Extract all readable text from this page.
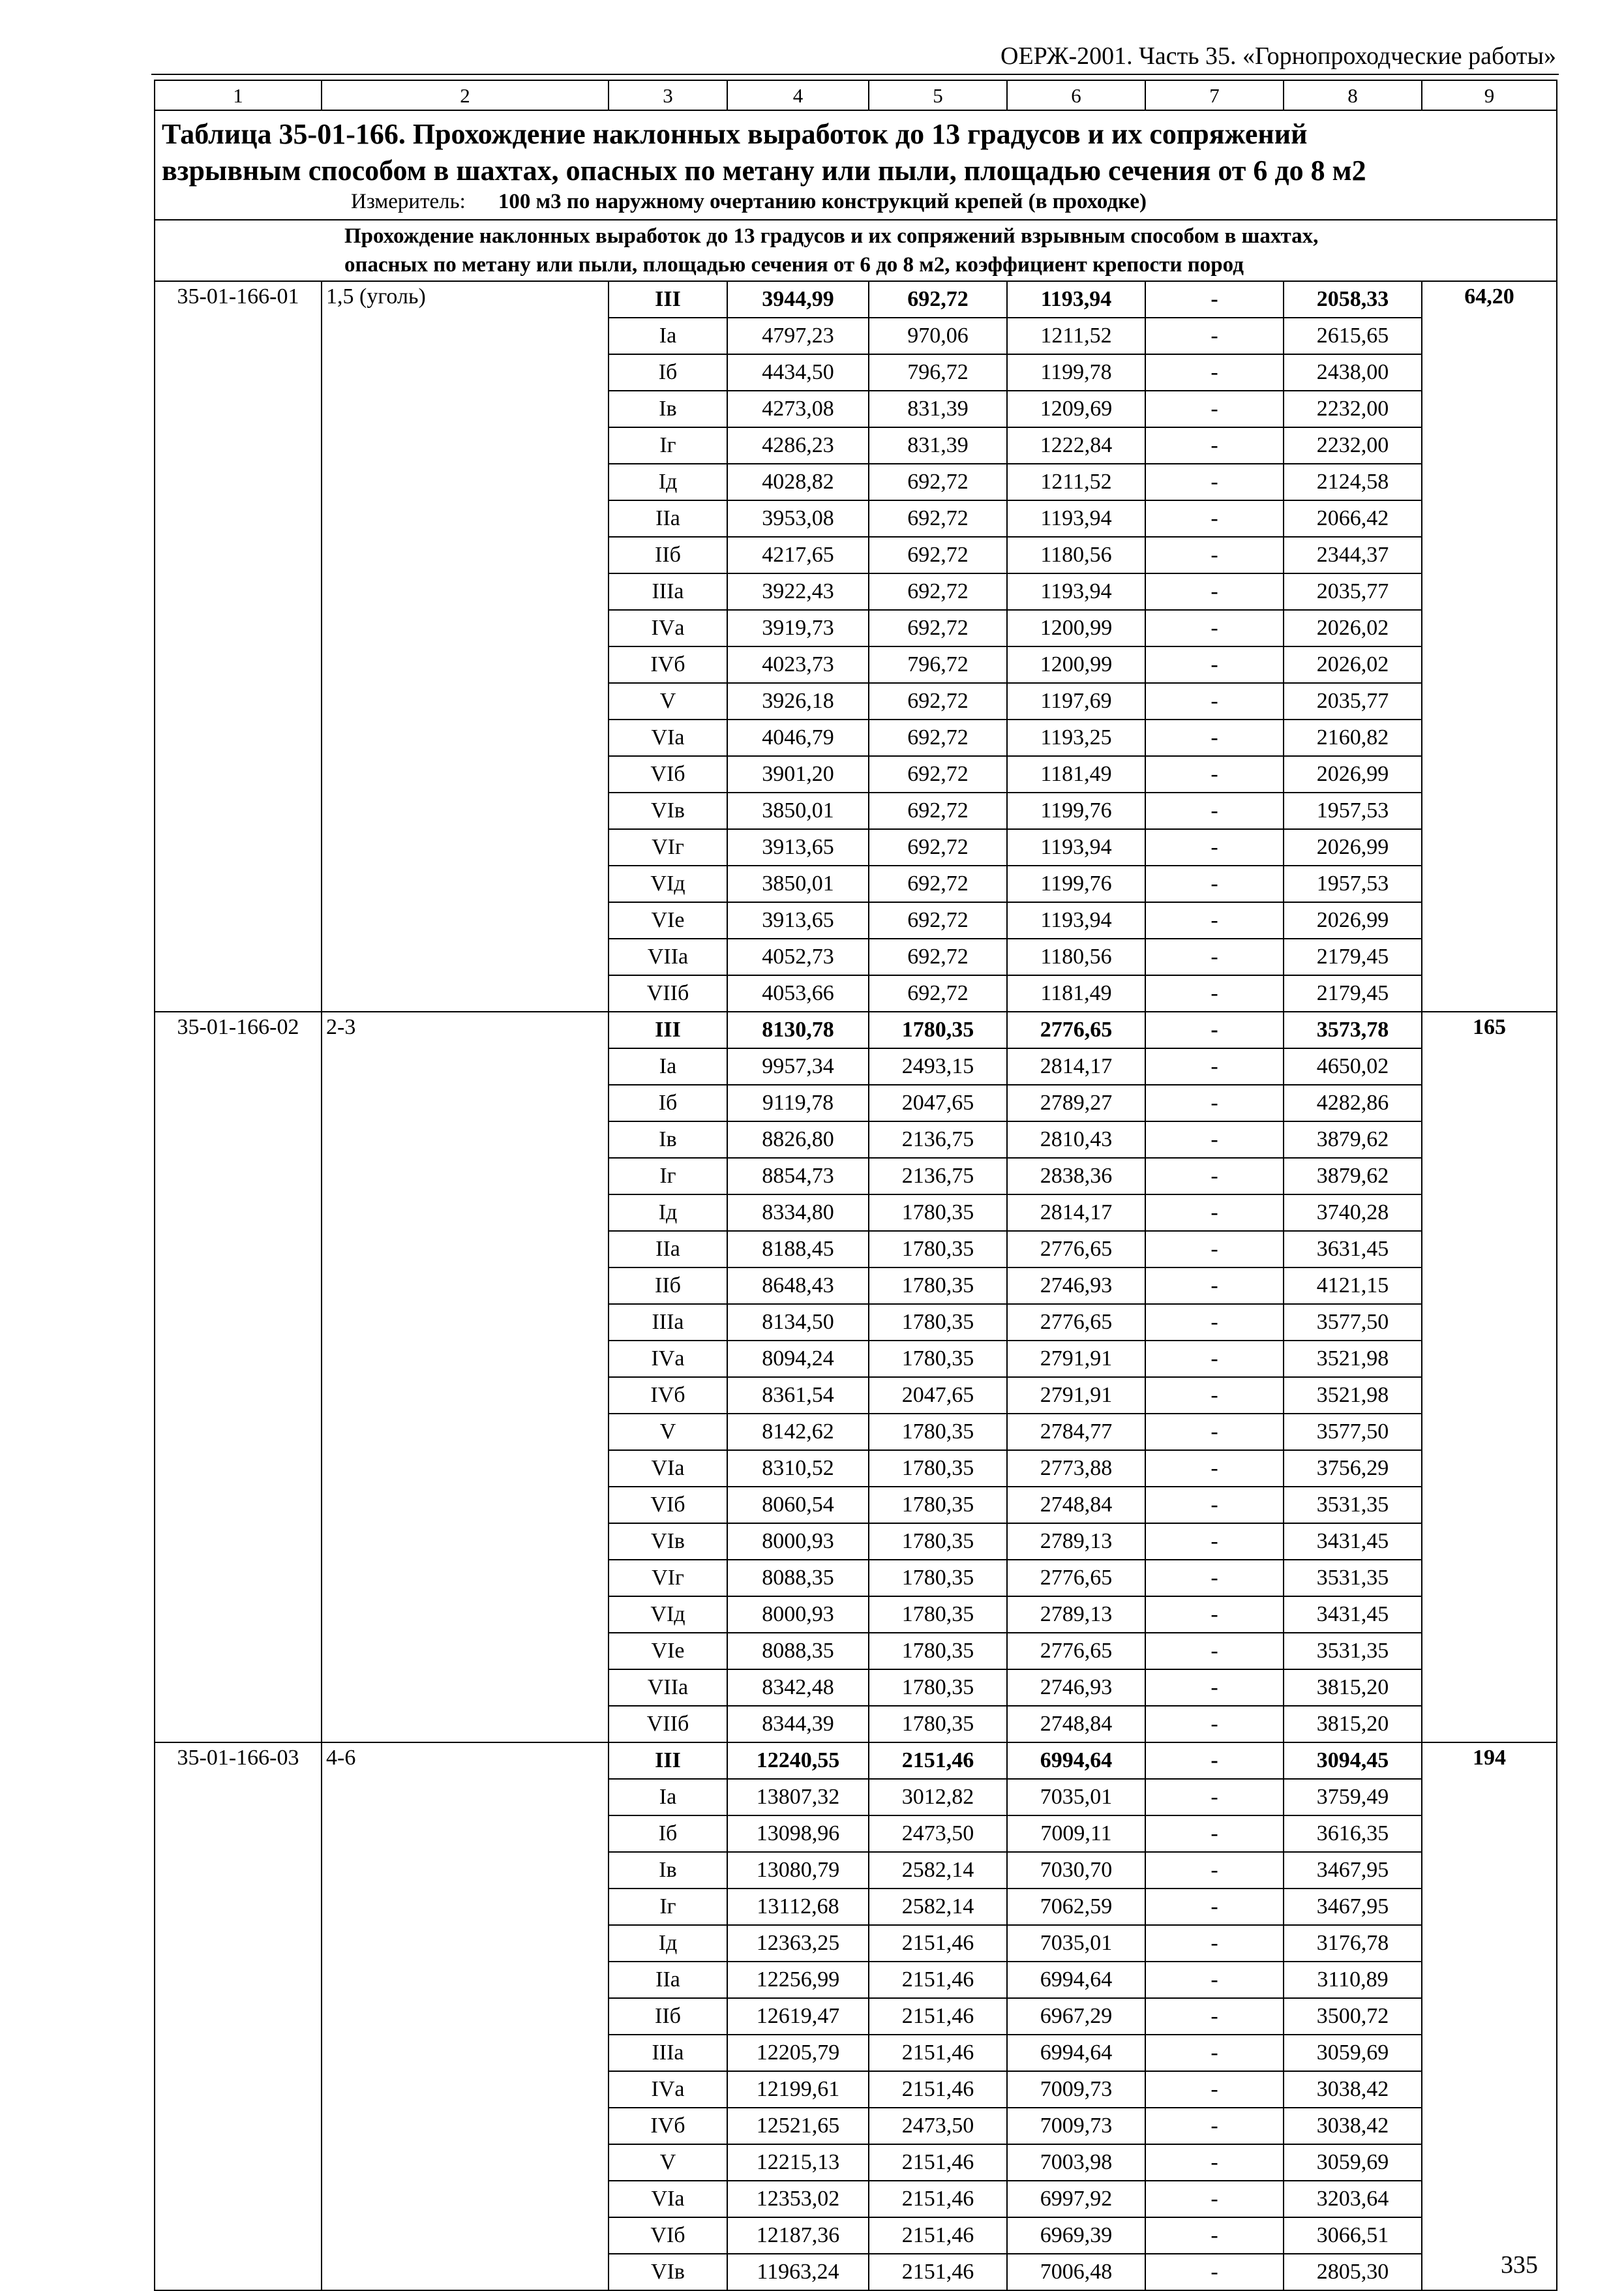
ОЕРЖ-2001. Часть 35. «Горнопроходческие работы»
1	2	3	4	5	6	7	8	9

Таблица 35-01-166. Прохождение наклонных выработок до 13 градусов и их сопряжений
взрывным способом в шахтах, опасных по метану или пыли, площадью сечения от 6 до 8 м2
Измеритель: 100 м3 по наружному очертанию конструкций крепей (в проходке)								

Прохождение наклонных выработок до 13 градусов и их сопряжений взрывным способом в шахтах,
опасных по метану или пыли, площадью сечения от 6 до 8 м2, коэффициент крепости пород								

35-01-166-01	1,5 (уголь)	III	3944,99	692,72	1193,94	-	2058,33	64,20
		Iа	4797,23	970,06	1211,52	-	2615,65	
		Iб	4434,50	796,72	1199,78	-	2438,00	
		Iв	4273,08	831,39	1209,69	-	2232,00	
		Iг	4286,23	831,39	1222,84	-	2232,00	
		Iд	4028,82	692,72	1211,52	-	2124,58	
		IIа	3953,08	692,72	1193,94	-	2066,42	
		IIб	4217,65	692,72	1180,56	-	2344,37	
		IIIа	3922,43	692,72	1193,94	-	2035,77	
		IVа	3919,73	692,72	1200,99	-	2026,02	
		IVб	4023,73	796,72	1200,99	-	2026,02	
		V	3926,18	692,72	1197,69	-	2035,77	
		VIа	4046,79	692,72	1193,25	-	2160,82	
		VIб	3901,20	692,72	1181,49	-	2026,99	
		VIв	3850,01	692,72	1199,76	-	1957,53	
		VIг	3913,65	692,72	1193,94	-	2026,99	
		VIд	3850,01	692,72	1199,76	-	1957,53	
		VIе	3913,65	692,72	1193,94	-	2026,99	
		VIIа	4052,73	692,72	1180,56	-	2179,45	
		VIIб	4053,66	692,72	1181,49	-	2179,45	
35-01-166-02	2-3	III	8130,78	1780,35	2776,65	-	3573,78	165
		Iа	9957,34	2493,15	2814,17	-	4650,02	
		Iб	9119,78	2047,65	2789,27	-	4282,86	
		Iв	8826,80	2136,75	2810,43	-	3879,62	
		Iг	8854,73	2136,75	2838,36	-	3879,62	
		Iд	8334,80	1780,35	2814,17	-	3740,28	
		IIа	8188,45	1780,35	2776,65	-	3631,45	
		IIб	8648,43	1780,35	2746,93	-	4121,15	
		IIIа	8134,50	1780,35	2776,65	-	3577,50	
		IVа	8094,24	1780,35	2791,91	-	3521,98	
		IVб	8361,54	2047,65	2791,91	-	3521,98	
		V	8142,62	1780,35	2784,77	-	3577,50	
		VIа	8310,52	1780,35	2773,88	-	3756,29	
		VIб	8060,54	1780,35	2748,84	-	3531,35	
		VIв	8000,93	1780,35	2789,13	-	3431,45	
		VIг	8088,35	1780,35	2776,65	-	3531,35	
		VIд	8000,93	1780,35	2789,13	-	3431,45	
		VIе	8088,35	1780,35	2776,65	-	3531,35	
		VIIа	8342,48	1780,35	2746,93	-	3815,20	
		VIIб	8344,39	1780,35	2748,84	-	3815,20	
35-01-166-03	4-6	III	12240,55	2151,46	6994,64	-	3094,45	194
		Iа	13807,32	3012,82	7035,01	-	3759,49	
		Iб	13098,96	2473,50	7009,11	-	3616,35	
		Iв	13080,79	2582,14	7030,70	-	3467,95	
		Iг	13112,68	2582,14	7062,59	-	3467,95	
		Iд	12363,25	2151,46	7035,01	-	3176,78	
		IIа	12256,99	2151,46	6994,64	-	3110,89	
		IIб	12619,47	2151,46	6967,29	-	3500,72	
		IIIа	12205,79	2151,46	6994,64	-	3059,69	
		IVа	12199,61	2151,46	7009,73	-	3038,42	
		IVб	12521,65	2473,50	7009,73	-	3038,42	
		V	12215,13	2151,46	7003,98	-	3059,69	
		VIа	12353,02	2151,46	6997,92	-	3203,64	
		VIб	12187,36	2151,46	6969,39	-	3066,51	
		VIв	11963,24	2151,46	7006,48	-	2805,30		335
